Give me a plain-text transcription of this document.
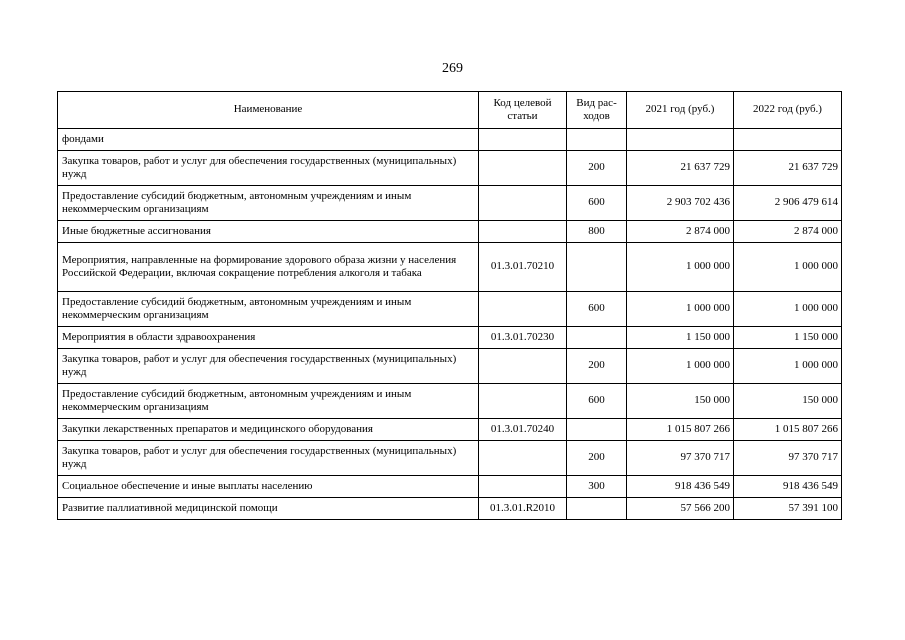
269
Наименование	Код целевой статьи	Вид расходов	2021 год (руб.)	2022 год (руб.)
фондами				
Закупка товаров, работ и услуг для обеспечения государственных (муниципальных) нужд		200	21 637 729	21 637 729
Предоставление субсидий бюджетным, автономным учреждениям и иным некоммерческим организациям		600	2 903 702 436	2 906 479 614
Иные бюджетные ассигнования		800	2 874 000	2 874 000
Мероприятия, направленные на формирование здорового образа жизни у населения Российской Федерации, включая сокращение потребления алкоголя и табака	01.3.01.70210		1 000 000	1 000 000
Предоставление субсидий бюджетным, автономным учреждениям и иным некоммерческим организациям		600	1 000 000	1 000 000
Мероприятия в области здравоохранения	01.3.01.70230		1 150 000	1 150 000
Закупка товаров, работ и услуг для обеспечения государственных (муниципальных) нужд		200	1 000 000	1 000 000
Предоставление субсидий бюджетным, автономным учреждениям и иным некоммерческим организациям		600	150 000	150 000
Закупки лекарственных препаратов и медицинского оборудования	01.3.01.70240		1 015 807 266	1 015 807 266
Закупка товаров, работ и услуг для обеспечения государственных (муниципальных) нужд		200	97 370 717	97 370 717
Социальное обеспечение и иные выплаты населению		300	918 436 549	918 436 549
Развитие паллиативной медицинской помощи	01.3.01.R2010		57 566 200	57 391 100
